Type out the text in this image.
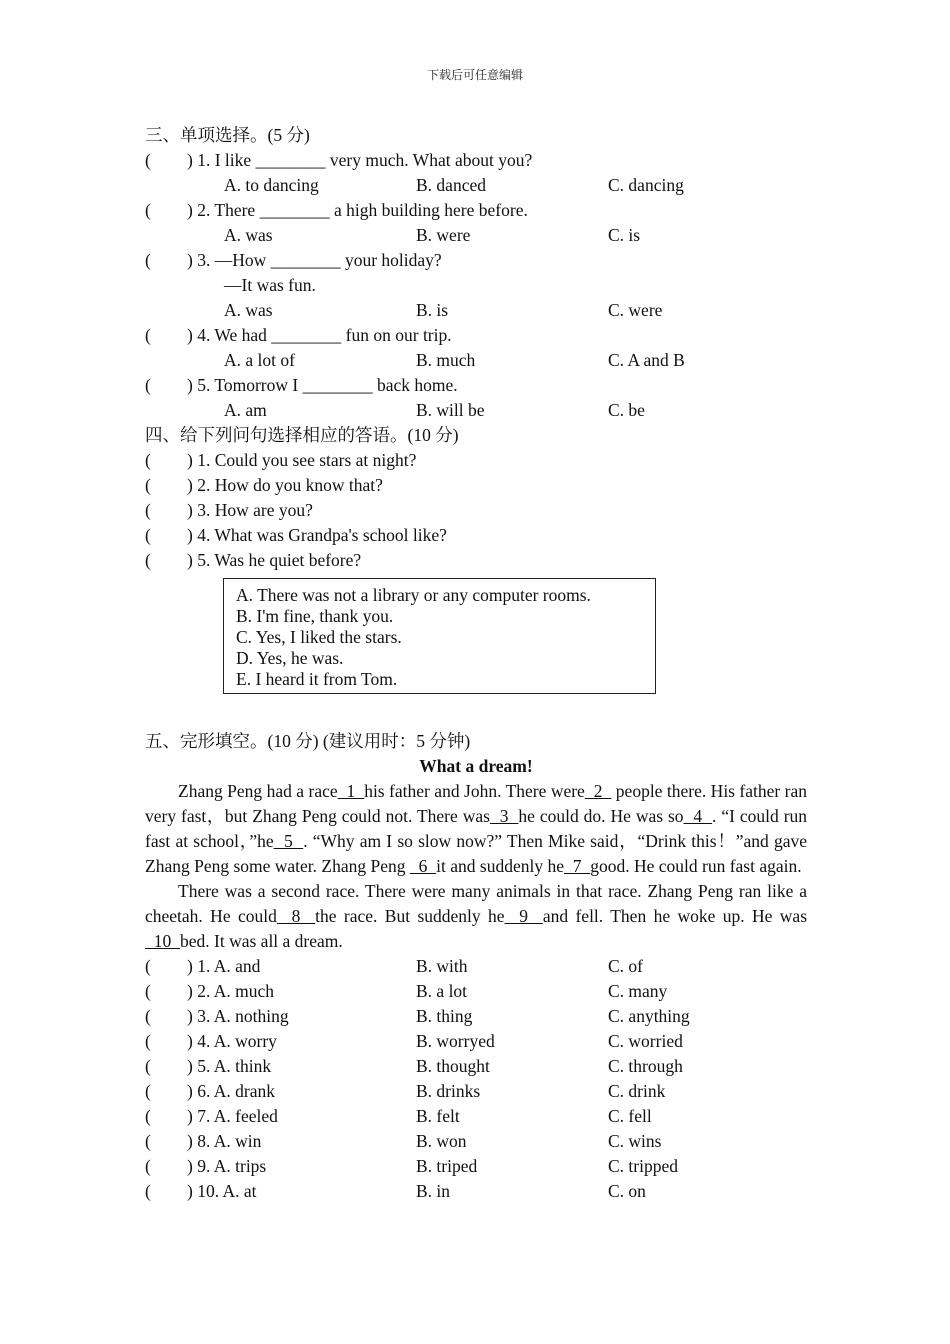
下载后可任意编辑
三、单项选择。(5 分)
( ) 1. I like ________ very much. What about you?
A. to dancing	B. danced	C. dancing
( ) 2. There ________ a high building here before.
A. was	B. were	C. is
( ) 3. —How ________ your holiday?
—It was fun.
A. was	B. is	C. were
( ) 4. We had ________ fun on our trip.
A. a lot of	B. much	C. A and B
( ) 5. Tomorrow I ________ back home.
A. am	B. will be	C. be
四、给下列问句选择相应的答语。(10 分)
( ) 1. Could you see stars at night?
( ) 2. How do you know that?
( ) 3. How are you?
( ) 4. What was Grandpa's school like?
( ) 5. Was he quiet before?
A. There was not a library or any computer rooms.
B. I'm fine, thank you.
C. Yes, I liked the stars.
D. Yes, he was.
E. I heard it from Tom.
五、完形填空。(10 分) (建议用时：5 分钟)
What a dream!
Zhang Peng had a race  1  his father and John. There were  2   people there. His father ran very fast，but Zhang Peng could not. There was  3  he could do. He was so  4  . “I could run fast at school，”he  5  . “Why am I so slow now?” Then Mike said，“Drink this！”and gave Zhang Peng some water. Zhang Peng   6  it and suddenly he  7  good. He could run fast again.
There was a second race. There were many animals in that race. Zhang Peng ran like a cheetah. He could  8  the race. But suddenly he  9  and fell. Then he woke up. He was  10  bed. It was all a dream.
( ) 1. A. and	B. with	C. of
( ) 2. A. much	B. a lot	C. many
( ) 3. A. nothing	B. thing	C. anything
( ) 4. A. worry	B. worryed	C. worried
( ) 5. A. think	B. thought	C. through
( ) 6. A. drank	B. drinks	C. drink
( ) 7. A. feeled	B. felt	C. fell
( ) 8. A. win	B. won	C. wins
( ) 9. A. trips	B. triped	C. tripped
( ) 10. A. at	B. in	C. on
